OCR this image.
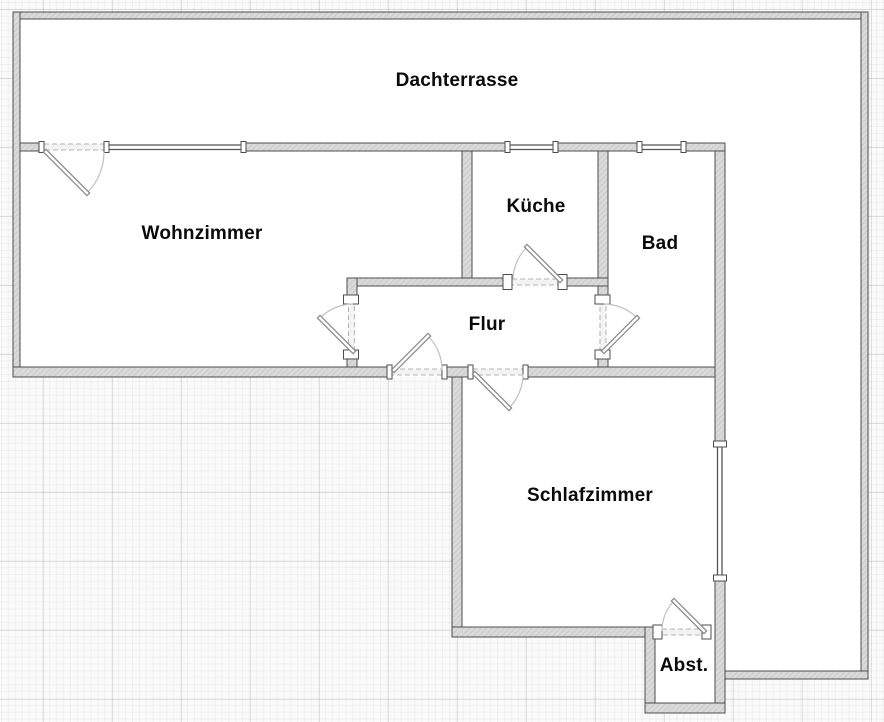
Dachterrasse
Wohnzimmer
Küche
Bad
Flur
Schlafzimmer
Abst.
